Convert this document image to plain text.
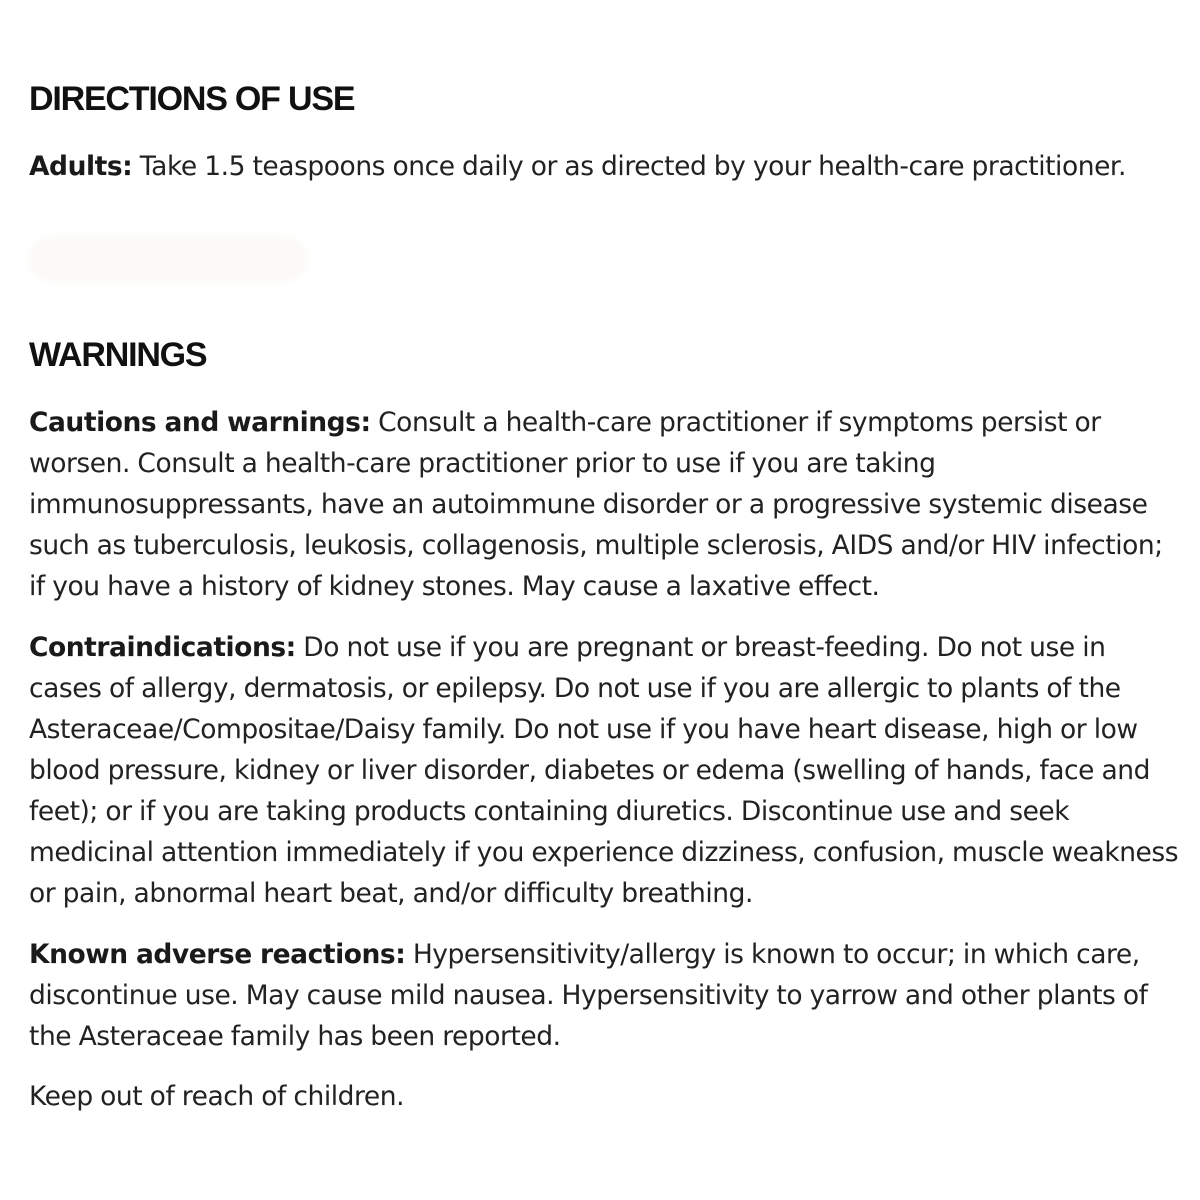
DIRECTIONS OF USE

Adults: Take 1.5 teaspoons once daily or as directed by your health-care practitioner.

WARNINGS

Cautions and warnings: Consult a health-care practitioner if symptoms persist or worsen. Consult a health-care practitioner prior to use if you are taking immunosuppressants, have an autoimmune disorder or a progressive systemic disease such as tuberculosis, leukosis, collagenosis, multiple sclerosis, AIDS and/or HIV infection; if you have a history of kidney stones. May cause a laxative effect.

Contraindications: Do not use if you are pregnant or breast-feeding. Do not use in cases of allergy, dermatosis, or epilepsy. Do not use if you are allergic to plants of the Asteraceae/Compositae/Daisy family. Do not use if you have heart disease, high or low blood pressure, kidney or liver disorder, diabetes or edema (swelling of hands, face and feet); or if you are taking products containing diuretics. Discontinue use and seek medicinal attention immediately if you experience dizziness, confusion, muscle weakness or pain, abnormal heart beat, and/or difficulty breathing.

Known adverse reactions: Hypersensitivity/allergy is known to occur; in which care, discontinue use. May cause mild nausea. Hypersensitivity to yarrow and other plants of the Asteraceae family has been reported.

Keep out of reach of children.
